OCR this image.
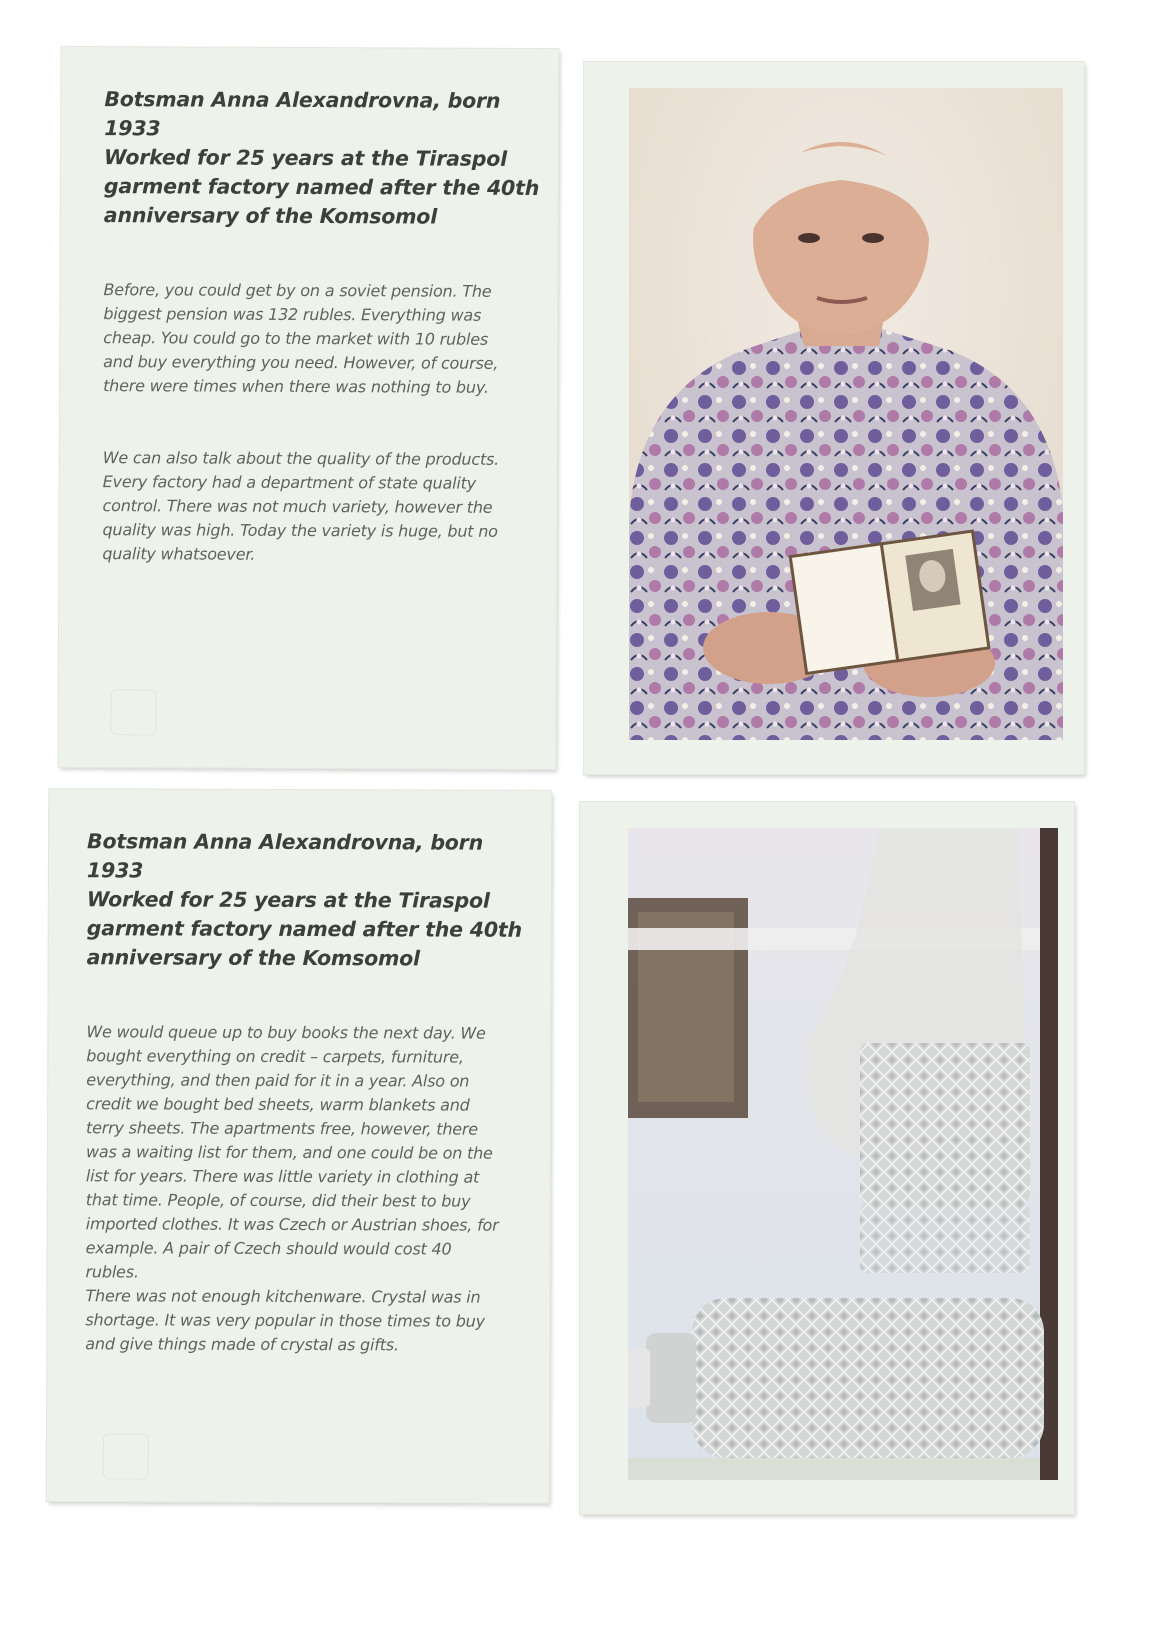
Botsman Anna Alexandrovna, born 1933
Worked for 25 years at the Tiraspol
garment factory named after the 40th
anniversary of the Komsomol

Before, you could get by on a soviet pension. The
biggest pension was 132 rubles. Everything was
cheap. You could go to the market with 10 rubles
and buy everything you need. However, of course,
there were times when there was nothing to buy.

We can also talk about the quality of the products.
Every factory had a department of state quality
control. There was not much variety, however the
quality was high. Today the variety is huge, but no
quality whatsoever.

Botsman Anna Alexandrovna, born 1933
Worked for 25 years at the Tiraspol
garment factory named after the 40th
anniversary of the Komsomol

We would queue up to buy books the next day. We
bought everything on credit – carpets, furniture,
everything, and then paid for it in a year. Also on
credit we bought bed sheets, warm blankets and
terry sheets. The apartments free, however, there
was a waiting list for them, and one could be on the
list for years. There was little variety in clothing at
that time. People, of course, did their best to buy
imported clothes. It was Czech or Austrian shoes, for
example. A pair of Czech should would cost 40
rubles.
There was not enough kitchenware. Crystal was in
shortage. It was very popular in those times to buy
and give things made of crystal as gifts.
